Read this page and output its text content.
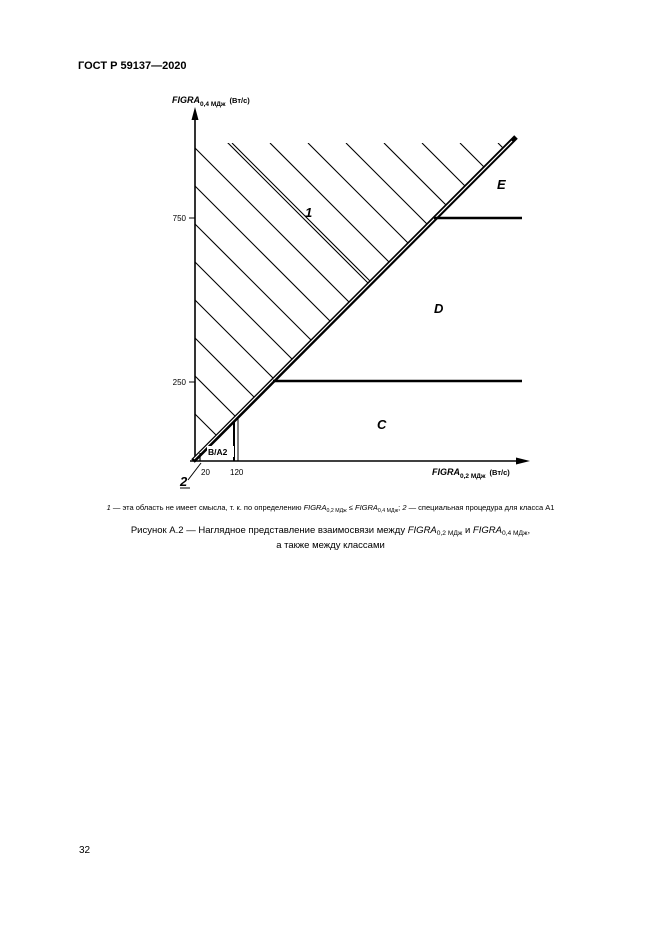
ГОСТ Р 59137—2020
750
250
20	120
$FIGRA_{0,4 МДж}$ $^{(Вт/с)}$
$FIGRA_{0,2 МДж}$ $^{(Вт/с)}$
E
D
C
1
B/A2
2
1 — эта область не имеет смысла, т. к. по определению $FIGRA_{0,2 МДж}$ ≤ $FIGRA_{0,4 МДж}$; 2 — специальная процедура для класса А1
Рисунок А.2 — Наглядное представление взаимосвязи между $FIGRA_{0,2 МДж}$ и $FIGRA_{0,4 МДж}$,
а также между классами
32
